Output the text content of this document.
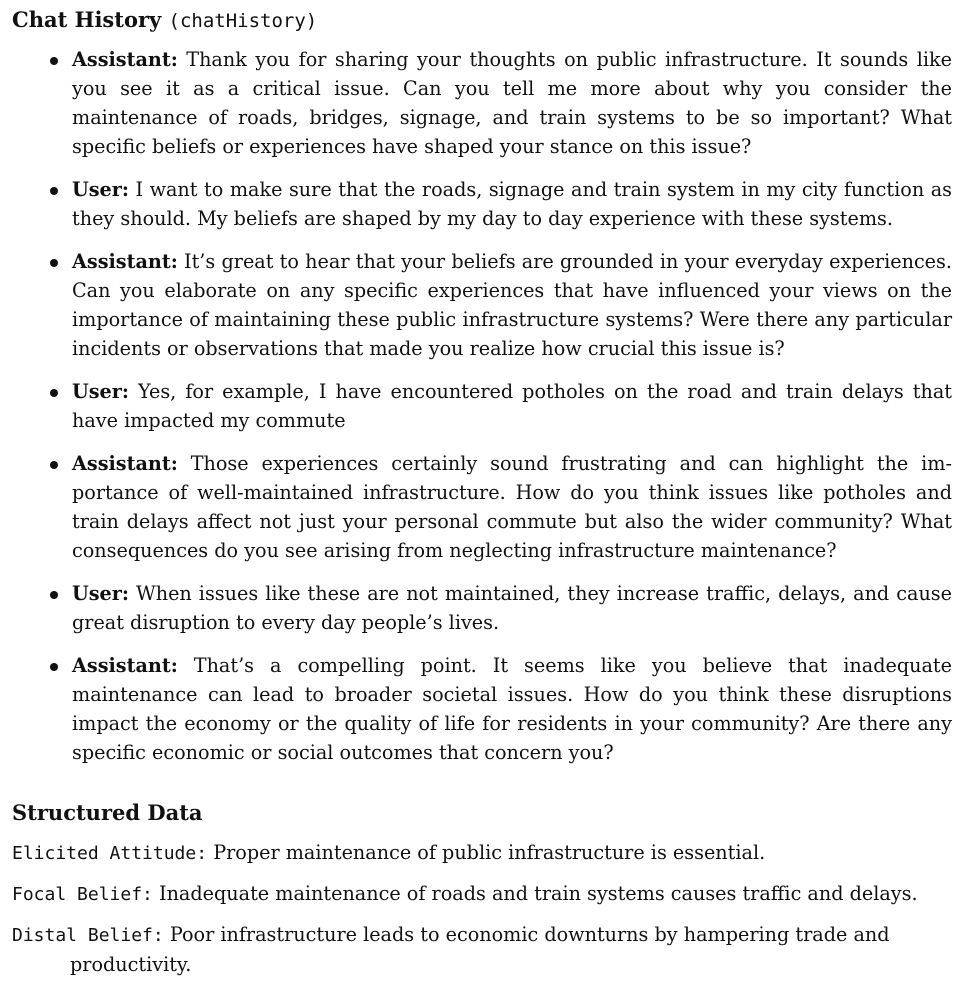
Chat History (chatHistory)
Assistant: Thank you for sharing your thoughts on public infrastructure. It sounds like you see it as a critical issue. Can you tell me more about why you consider the maintenance of roads, bridges, signage, and train systems to be so important? What specific beliefs or experiences have shaped your stance on this issue?
User: I want to make sure that the roads, signage and train system in my city function as they should. My beliefs are shaped by my day to day experience with these systems.
Assistant: It’s great to hear that your beliefs are grounded in your everyday experiences. Can you elaborate on any specific experiences that have influenced your views on the importance of maintaining these public infrastructure systems? Were there any particular incidents or observations that made you realize how crucial this issue is?
User: Yes, for example, I have encountered potholes on the road and train delays that have impacted my commute
Assistant: Those experiences certainly sound frustrating and can highlight the importance of well-maintained infrastructure. How do you think issues like potholes and train delays affect not just your personal commute but also the wider community? What consequences do you see arising from neglecting infrastructure maintenance?
User: When issues like these are not maintained, they increase traffic, delays, and cause great disruption to every day people’s lives.
Assistant: That’s a compelling point. It seems like you believe that inadequate maintenance can lead to broader societal issues. How do you think these disruptions impact the economy or the quality of life for residents in your community? Are there any specific economic or social outcomes that concern you?
Structured Data
Elicited Attitude: Proper maintenance of public infrastructure is essential.
Focal Belief: Inadequate maintenance of roads and train systems causes traffic and delays.
Distal Belief: Poor infrastructure leads to economic downturns by hampering trade and productivity.
